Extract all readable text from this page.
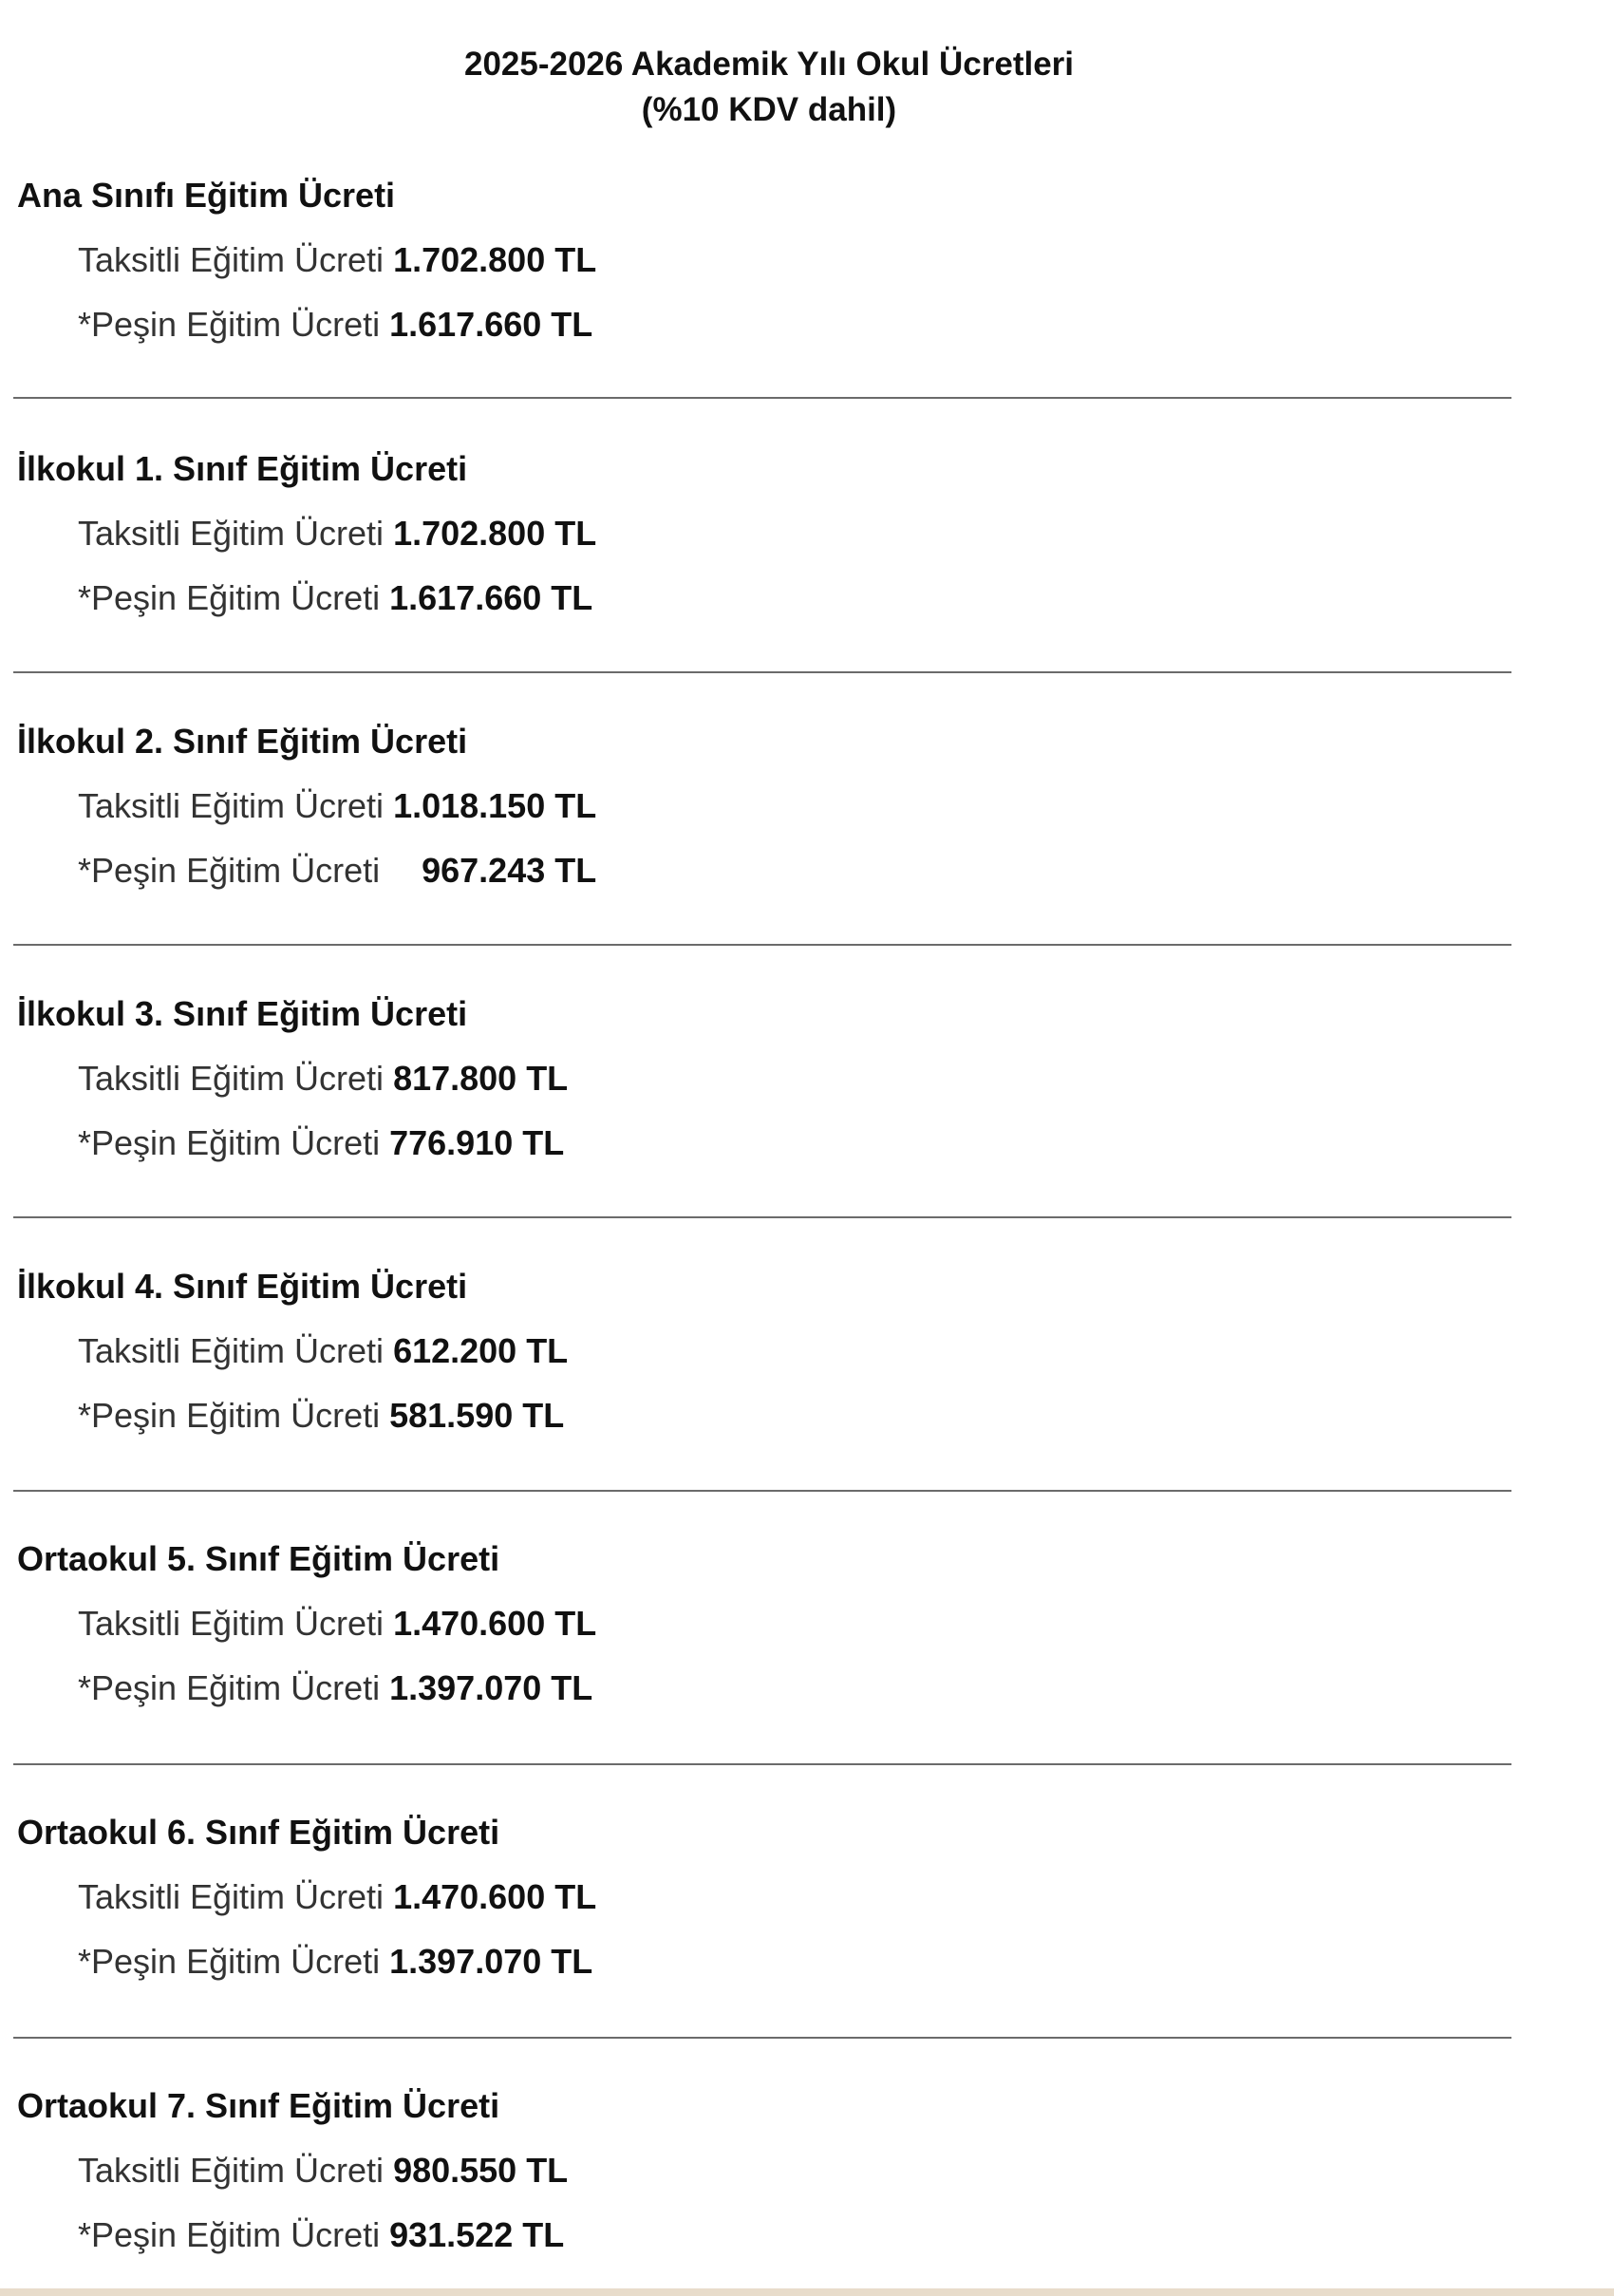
2025-2026 Akademik Yılı Okul Ücretleri
(%10 KDV dahil)
Ana Sınıfı Eğitim Ücreti
Taksitli Eğitim Ücreti 1.702.800 TL
*Peşin Eğitim Ücreti 1.617.660 TL
İlkokul 1. Sınıf Eğitim Ücreti
Taksitli Eğitim Ücreti 1.702.800 TL
*Peşin Eğitim Ücreti 1.617.660 TL
İlkokul 2. Sınıf Eğitim Ücreti
Taksitli Eğitim Ücreti 1.018.150 TL
*Peşin Eğitim Ücreti 967.243 TL
İlkokul 3. Sınıf Eğitim Ücreti
Taksitli Eğitim Ücreti 817.800 TL
*Peşin Eğitim Ücreti 776.910 TL
İlkokul 4. Sınıf Eğitim Ücreti
Taksitli Eğitim Ücreti 612.200 TL
*Peşin Eğitim Ücreti 581.590 TL
Ortaokul 5. Sınıf Eğitim Ücreti
Taksitli Eğitim Ücreti 1.470.600 TL
*Peşin Eğitim Ücreti 1.397.070 TL
Ortaokul 6. Sınıf Eğitim Ücreti
Taksitli Eğitim Ücreti 1.470.600 TL
*Peşin Eğitim Ücreti 1.397.070 TL
Ortaokul 7. Sınıf Eğitim Ücreti
Taksitli Eğitim Ücreti 980.550 TL
*Peşin Eğitim Ücreti 931.522 TL
